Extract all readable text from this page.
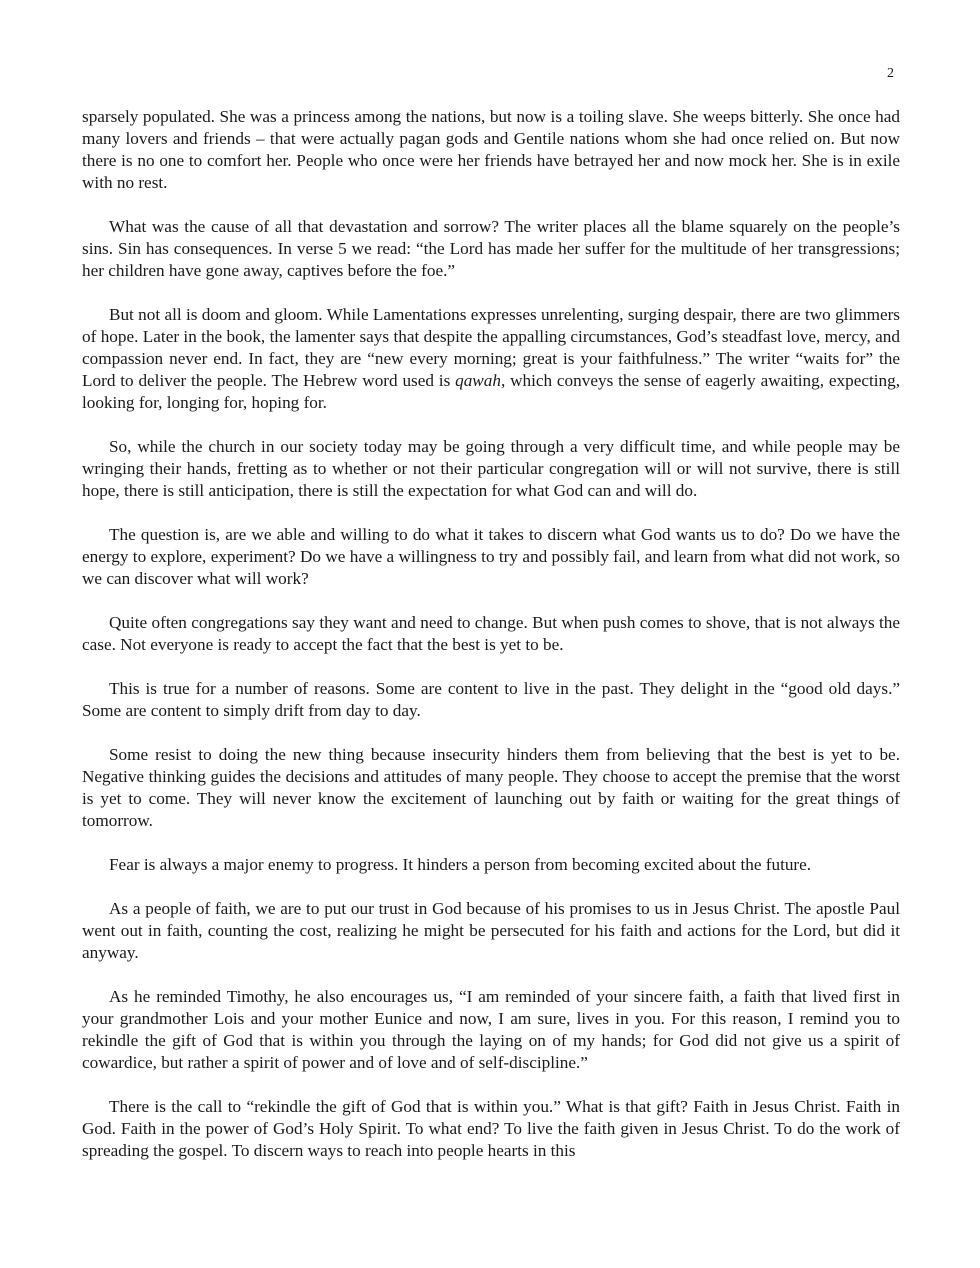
2

sparsely populated. She was a princess among the nations, but now is a toiling slave. She weeps bitterly. She once had many lovers and friends – that were actually pagan gods and Gentile nations whom she had once relied on. But now there is no one to comfort her. People who once were her friends have betrayed her and now mock her. She is in exile with no rest.

What was the cause of all that devastation and sorrow? The writer places all the blame squarely on the people’s sins. Sin has consequences. In verse 5 we read: “the Lord has made her suffer for the multitude of her transgressions; her children have gone away, captives before the foe.”

But not all is doom and gloom. While Lamentations expresses unrelenting, surging despair, there are two glimmers of hope. Later in the book, the lamenter says that despite the appalling circumstances, God’s steadfast love, mercy, and compassion never end. In fact, they are “new every morning; great is your faithfulness.” The writer “waits for” the Lord to deliver the people. The Hebrew word used is qawah, which conveys the sense of eagerly awaiting, expecting, looking for, longing for, hoping for.

So, while the church in our society today may be going through a very difficult time, and while people may be wringing their hands, fretting as to whether or not their particular congregation will or will not survive, there is still hope, there is still anticipation, there is still the expectation for what God can and will do.

The question is, are we able and willing to do what it takes to discern what God wants us to do? Do we have the energy to explore, experiment? Do we have a willingness to try and possibly fail, and learn from what did not work, so we can discover what will work?

Quite often congregations say they want and need to change. But when push comes to shove, that is not always the case. Not everyone is ready to accept the fact that the best is yet to be.

This is true for a number of reasons. Some are content to live in the past. They delight in the “good old days.” Some are content to simply drift from day to day.

Some resist to doing the new thing because insecurity hinders them from believing that the best is yet to be. Negative thinking guides the decisions and attitudes of many people. They choose to accept the premise that the worst is yet to come. They will never know the excitement of launching out by faith or waiting for the great things of tomorrow.

Fear is always a major enemy to progress. It hinders a person from becoming excited about the future.

As a people of faith, we are to put our trust in God because of his promises to us in Jesus Christ. The apostle Paul went out in faith, counting the cost, realizing he might be persecuted for his faith and actions for the Lord, but did it anyway.

As he reminded Timothy, he also encourages us, “I am reminded of your sincere faith, a faith that lived first in your grandmother Lois and your mother Eunice and now, I am sure, lives in you. For this reason, I remind you to rekindle the gift of God that is within you through the laying on of my hands; for God did not give us a spirit of cowardice, but rather a spirit of power and of love and of self-discipline.”

There is the call to “rekindle the gift of God that is within you.” What is that gift? Faith in Jesus Christ. Faith in God. Faith in the power of God’s Holy Spirit. To what end? To live the faith given in Jesus Christ. To do the work of spreading the gospel. To discern ways to reach into people hearts in this
